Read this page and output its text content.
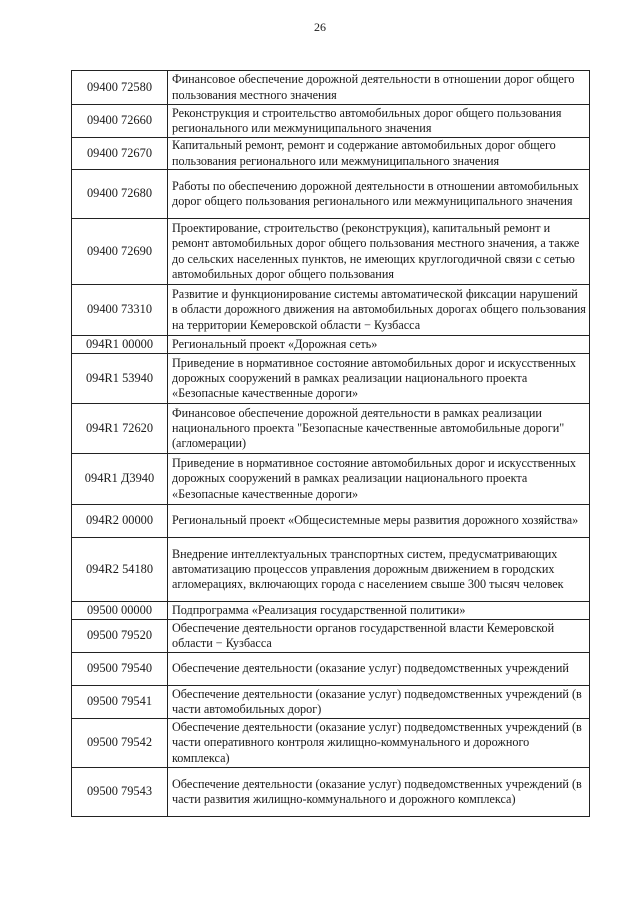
26
09400 72580	Финансовое обеспечение дорожной деятельности в отношении дорог общего пользования местного значения
09400 72660	Реконструкция и строительство автомобильных дорог общего пользования регионального или межмуниципального значения
09400 72670	Капитальный ремонт, ремонт и содержание автомобильных дорог общего пользования регионального или межмуниципального значения
09400 72680	Работы по обеспечению дорожной деятельности в отношении автомобильных дорог общего пользования регионального или межмуниципального значения
09400 72690	Проектирование, строительство (реконструкция), капитальный ремонт и ремонт автомобильных дорог общего пользования местного значения, а также до сельских населенных пунктов, не имеющих круглогодичной связи с сетью автомобильных дорог общего пользования
09400 73310	Развитие и функционирование системы автоматической фиксации нарушений в области дорожного движения на автомобильных дорогах общего пользования на территории Кемеровской области − Кузбасса
094R1 00000	Региональный проект «Дорожная сеть»
094R1 53940	Приведение в нормативное состояние автомобильных дорог и искусственных дорожных сооружений в рамках реализации национального проекта «Безопасные качественные дороги»
094R1 72620	Финансовое обеспечение дорожной деятельности в рамках реализации национального проекта "Безопасные качественные автомобильные дороги" (агломерации)
094R1 Д3940	Приведение в нормативное состояние автомобильных дорог и искусственных дорожных сооружений в рамках реализации национального проекта «Безопасные качественные дороги»
094R2 00000	Региональный проект «Общесистемные меры развития дорожного хозяйства»
094R2 54180	Внедрение интеллектуальных транспортных систем, предусматривающих автоматизацию процессов управления дорожным движением в городских агломерациях, включающих города с населением свыше 300 тысяч человек
09500 00000	Подпрограмма «Реализация государственной политики»
09500 79520	Обеспечение деятельности органов государственной власти Кемеровской области − Кузбасса
09500 79540	Обеспечение деятельности (оказание услуг) подведомственных учреждений
09500 79541	Обеспечение деятельности (оказание услуг) подведомственных учреждений (в части автомобильных дорог)
09500 79542	Обеспечение деятельности (оказание услуг) подведомственных учреждений (в части оперативного контроля жилищно-коммунального и дорожного комплекса)
09500 79543	Обеспечение деятельности (оказание услуг) подведомственных учреждений (в части развития жилищно-коммунального и дорожного комплекса)
